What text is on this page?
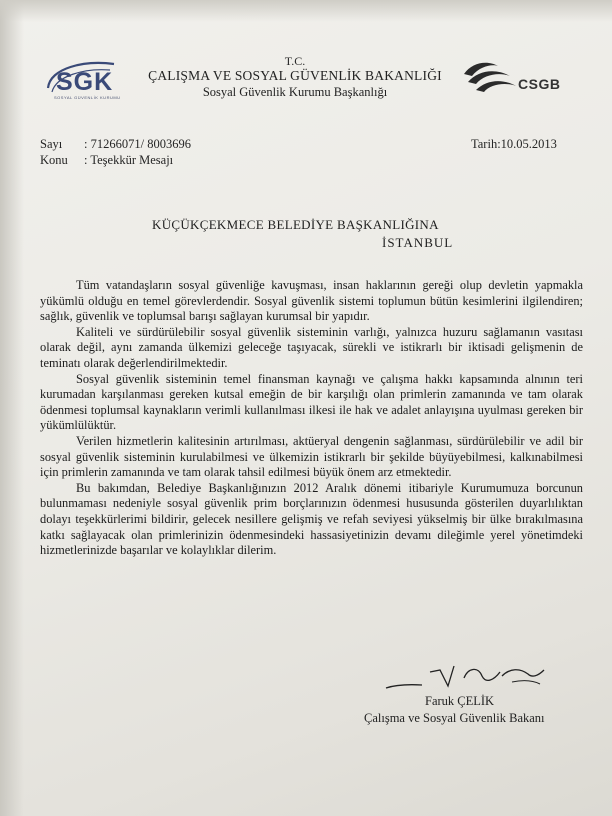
SGK
SOSYAL GÜVENLİK KURUMU
T.C.
ÇALIŞMA VE SOSYAL GÜVENLİK BAKANLIĞI
Sosyal Güvenlik Kurumu Başkanlığı	CSGB
Sayı : 71266071/ 8003696
Konu : Teşekkür Mesajı
Tarih:10.05.2013
KÜÇÜKÇEKMECE BELEDİYE BAŞKANLIĞINA
İSTANBUL

Tüm vatandaşların sosyal güvenliğe kavuşması, insan haklarının gereği olup devletin yapmakla yükümlü olduğu en temel görevlerdendir. Sosyal güvenlik sistemi toplumun bütün kesimlerini ilgilendiren; sağlık, güvenlik ve toplumsal barışı sağlayan kurumsal bir yapıdır.

Kaliteli ve sürdürülebilir sosyal güvenlik sisteminin varlığı, yalnızca huzuru sağlamanın vasıtası olarak değil, aynı zamanda ülkemizi geleceğe taşıyacak, sürekli ve istikrarlı bir iktisadi gelişmenin de teminatı olarak değerlendirilmektedir.

Sosyal güvenlik sisteminin temel finansman kaynağı ve çalışma hakkı kapsamında alnının teri kurumadan karşılanması gereken kutsal emeğin de bir karşılığı olan primlerin zamanında ve tam olarak ödenmesi toplumsal kaynakların verimli kullanılması ilkesi ile hak ve adalet anlayışına uyulması gereken bir yükümlülüktür.

Verilen hizmetlerin kalitesinin artırılması, aktüeryal dengenin sağlanması, sürdürülebilir ve adil bir sosyal güvenlik sisteminin kurulabilmesi ve ülkemizin istikrarlı bir şekilde büyüyebilmesi, kalkınabilmesi için primlerin zamanında ve tam olarak tahsil edilmesi büyük önem arz etmektedir.

Bu bakımdan, Belediye Başkanlığınızın 2012 Aralık dönemi itibariyle Kurumumuza borcunun bulunmaması nedeniyle sosyal güvenlik prim borçlarınızın ödenmesi hususunda gösterilen duyarlılıktan dolayı teşekkürlerimi bildirir, gelecek nesillere gelişmiş ve refah seviyesi yükselmiş bir ülke bırakılmasına katkı sağlayacak olan primlerinizin ödenmesindeki hassasiyetinizin devamı dileğimle yerel yönetimdeki hizmetlerinizde başarılar ve kolaylıklar dilerim.

Faruk ÇELİK
Çalışma ve Sosyal Güvenlik Bakanı
